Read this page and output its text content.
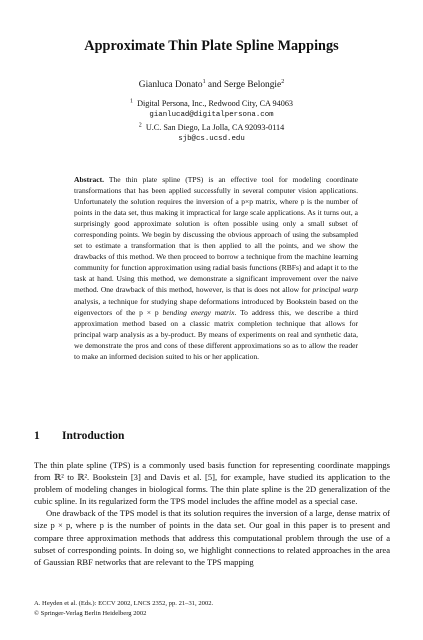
Approximate Thin Plate Spline Mappings
Gianluca Donato$^1$ and Serge Belongie$^2$
$^1$ Digital Persona, Inc., Redwood City, CA 94063
gianlucad@digitalpersona.com
$^2$ U.C. San Diego, La Jolla, CA 92093-0114
sjb@cs.ucsd.edu
Abstract. The thin plate spline (TPS) is an effective tool for modeling coordinate transformations that has been applied successfully in several computer vision applications. Unfortunately the solution requires the inversion of a p×p matrix, where p is the number of points in the data set, thus making it impractical for large scale applications. As it turns out, a surprisingly good approximate solution is often possible using only a small subset of corresponding points. We begin by discussing the obvious approach of using the subsampled set to estimate a transformation that is then applied to all the points, and we show the drawbacks of this method. We then proceed to borrow a technique from the machine learning community for function approximation using radial basis functions (RBFs) and adapt it to the task at hand. Using this method, we demonstrate a significant improvement over the naive method. One drawback of this method, however, is that is does not allow for principal warp analysis, a technique for studying shape deformations introduced by Bookstein based on the eigenvectors of the p × p bending energy matrix. To address this, we describe a third approximation method based on a classic matrix completion technique that allows for principal warp analysis as a by-product. By means of experiments on real and synthetic data, we demonstrate the pros and cons of these different approximations so as to allow the reader to make an informed decision suited to his or her application.
1 Introduction

The thin plate spline (TPS) is a commonly used basis function for representing coordinate mappings from ℝ² to ℝ². Bookstein [3] and Davis et al. [5], for example, have studied its application to the problem of modeling changes in biological forms. The thin plate spline is the 2D generalization of the cubic spline. In its regularized form the TPS model includes the affine model as a special case.

One drawback of the TPS model is that its solution requires the inversion of a large, dense matrix of size p × p, where p is the number of points in the data set. Our goal in this paper is to present and compare three approximation methods that address this computational problem through the use of a subset of corresponding points. In doing so, we highlight connections to related approaches in the area of Gaussian RBF networks that are relevant to the TPS mapping

A. Heyden et al. (Eds.): ECCV 2002, LNCS 2352, pp. 21–31, 2002.
© Springer-Verlag Berlin Heidelberg 2002
